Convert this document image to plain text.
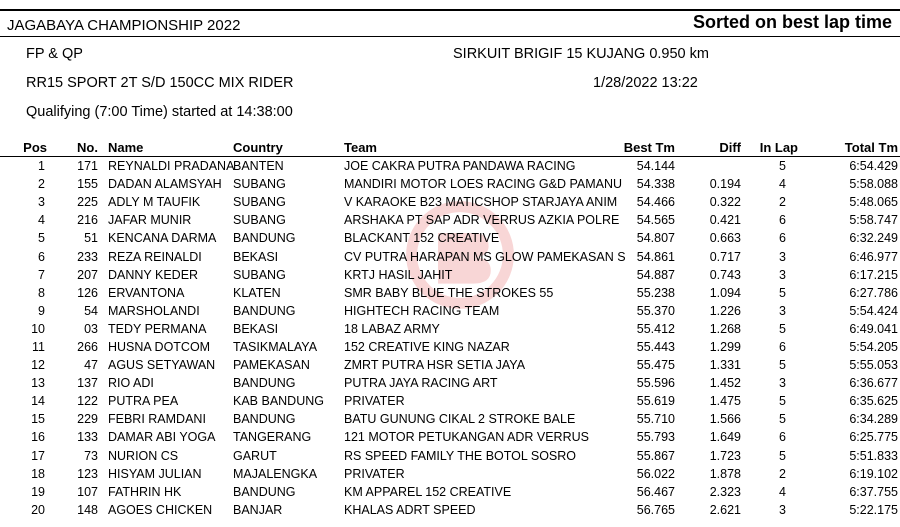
JAGABAYA CHAMPIONSHIP 2022	Sorted on best lap time
FP & QP	SIRKUIT BRIGIF 15 KUJANG 0.950 km
RR15 SPORT 2T S/D 150CC MIX RIDER	1/28/2022 13:22
Qualifying (7:00 Time) started at 14:38:00
Pos	No.	Name	Country	Team	Best Tm	Diff	In Lap	Total Tm
1	171	REYNALDI PRADANA	BANTEN	JOE CAKRA PUTRA PANDAWA RACING	54.144		5	6:54.429
2	155	DADAN ALAMSYAH	SUBANG	MANDIRI MOTOR LOES RACING G&D PAMANU	54.338	0.194	4	5:58.088
3	225	ADLY M TAUFIK	SUBANG	V KARAOKE B23 MATICSHOP STARJAYA ANIM	54.466	0.322	2	5:48.065
4	216	JAFAR MUNIR	SUBANG	ARSHAKA PT SAP ADR VERRUS AZKIA POLRE	54.565	0.421	6	5:58.747
5	51	KENCANA DARMA	BANDUNG	BLACKANT 152 CREATIVE	54.807	0.663	6	6:32.249
6	233	REZA REINALDI	BEKASI	CV PUTRA HARAPAN MS GLOW PAMEKASAN S	54.861	0.717	3	6:46.977
7	207	DANNY KEDER	SUBANG	KRTJ HASIL JAHIT	54.887	0.743	3	6:17.215
8	126	ERVANTONA	KLATEN	SMR BABY BLUE THE STROKES 55	55.238	1.094	5	6:27.786
9	54	MARSHOLANDI	BANDUNG	HIGHTECH RACING TEAM	55.370	1.226	3	5:54.424
10	03	TEDY PERMANA	BEKASI	18 LABAZ ARMY	55.412	1.268	5	6:49.041
11	266	HUSNA DOTCOM	TASIKMALAYA	152 CREATIVE KING NAZAR	55.443	1.299	6	5:54.205
12	47	AGUS SETYAWAN	PAMEKASAN	ZMRT PUTRA HSR SETIA JAYA	55.475	1.331	5	5:55.053
13	137	RIO ADI	BANDUNG	PUTRA JAYA RACING ART	55.596	1.452	3	6:36.677
14	122	PUTRA PEA	KAB BANDUNG	PRIVATER	55.619	1.475	5	6:35.625
15	229	FEBRI RAMDANI	BANDUNG	BATU GUNUNG CIKAL 2 STROKE BALE	55.710	1.566	5	6:34.289
16	133	DAMAR ABI YOGA	TANGERANG	121 MOTOR PETUKANGAN ADR VERRUS	55.793	1.649	6	6:25.775
17	73	NURION CS	GARUT	RS SPEED FAMILY THE BOTOL SOSRO	55.867	1.723	5	5:51.833
18	123	HISYAM JULIAN	MAJALENGKA	PRIVATER	56.022	1.878	2	6:19.102
19	107	FATHRIN HK	BANDUNG	KM APPAREL 152 CREATIVE	56.467	2.323	4	6:37.755
20	148	AGOES CHICKEN	BANJAR	KHALAS ADRT SPEED	56.765	2.621	3	5:22.175
